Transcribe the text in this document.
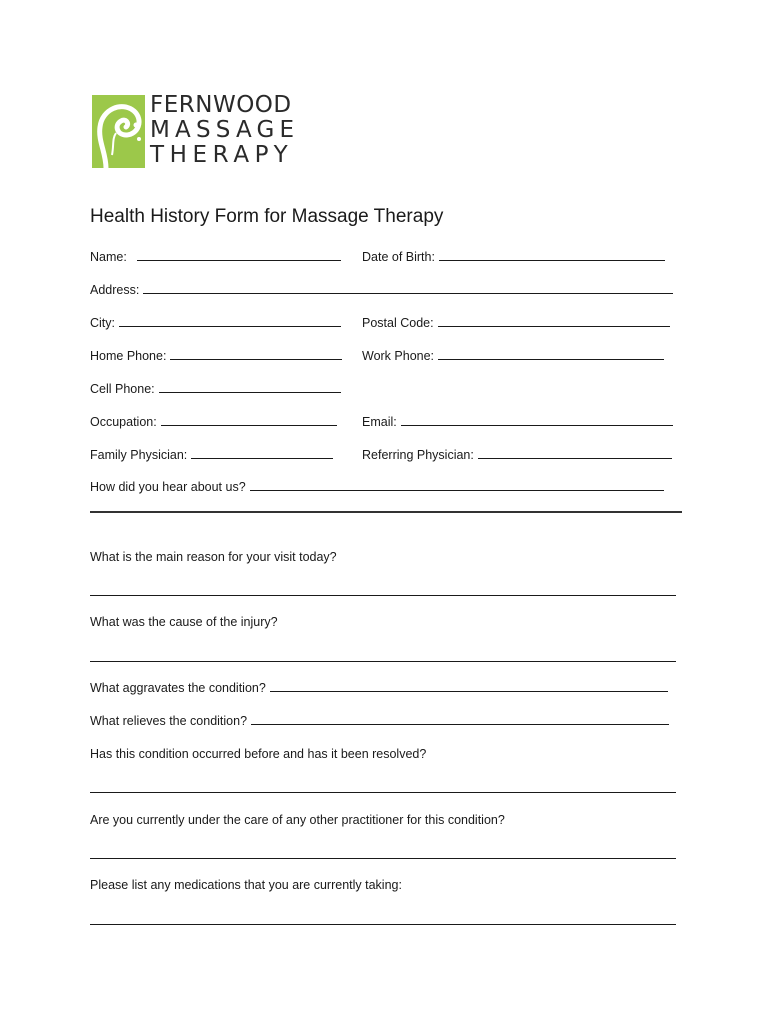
FERNWOOD
MASSAGE
THERAPY
Health History Form for Massage Therapy
Name:	Date of Birth:
Address:
City:	Postal Code:
Home Phone:	Work Phone:
Cell Phone:
Occupation:	Email:
Family Physician:	Referring Physician:
How did you hear about us?
What is the main reason for your visit today?
What was the cause of the injury?
What aggravates the condition?
What relieves the condition?
Has this condition occurred before and has it been resolved?
Are you currently under the care of any other practitioner for this condition?
Please list any medications that you are currently taking:
